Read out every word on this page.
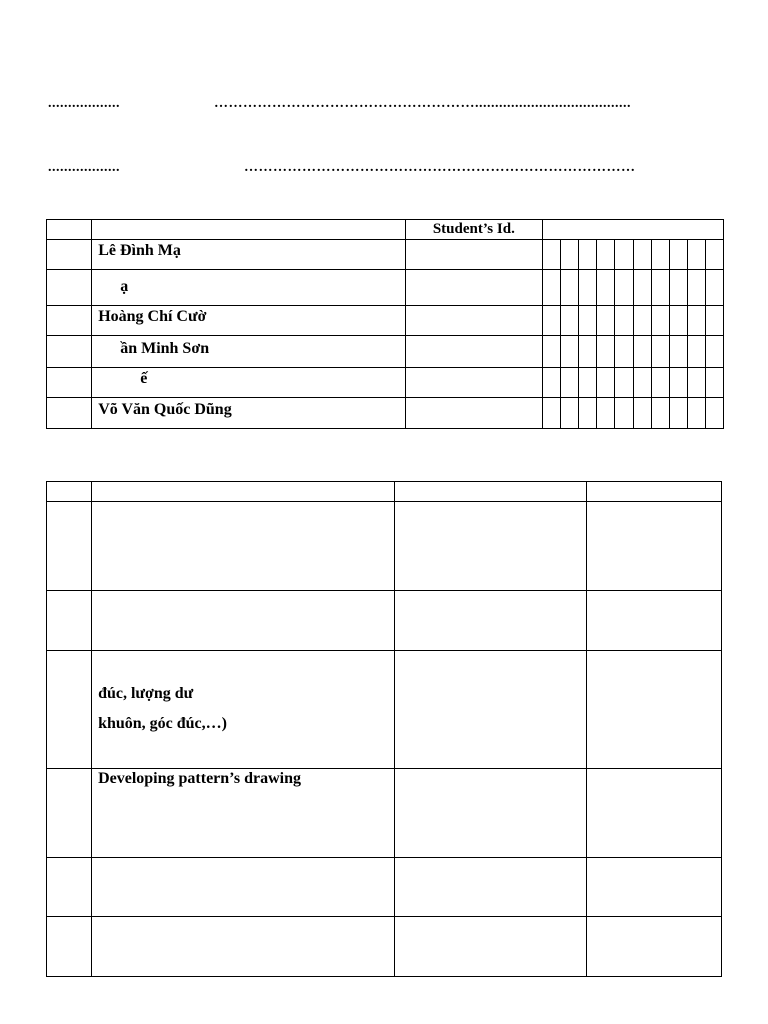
..................	……………………………………………….......................................
..................	………………………………………………………………………
		Student’s Id.										
	Lê Đình Mạ											
	ạ											
	Hoàng Chí Cườ											
	ần Minh Sơn											
	ế											
	Võ Văn Quốc Dũng											

	đúc, lượng dư
khuôn, góc đúc,…)		

	Developing pattern’s drawing		
